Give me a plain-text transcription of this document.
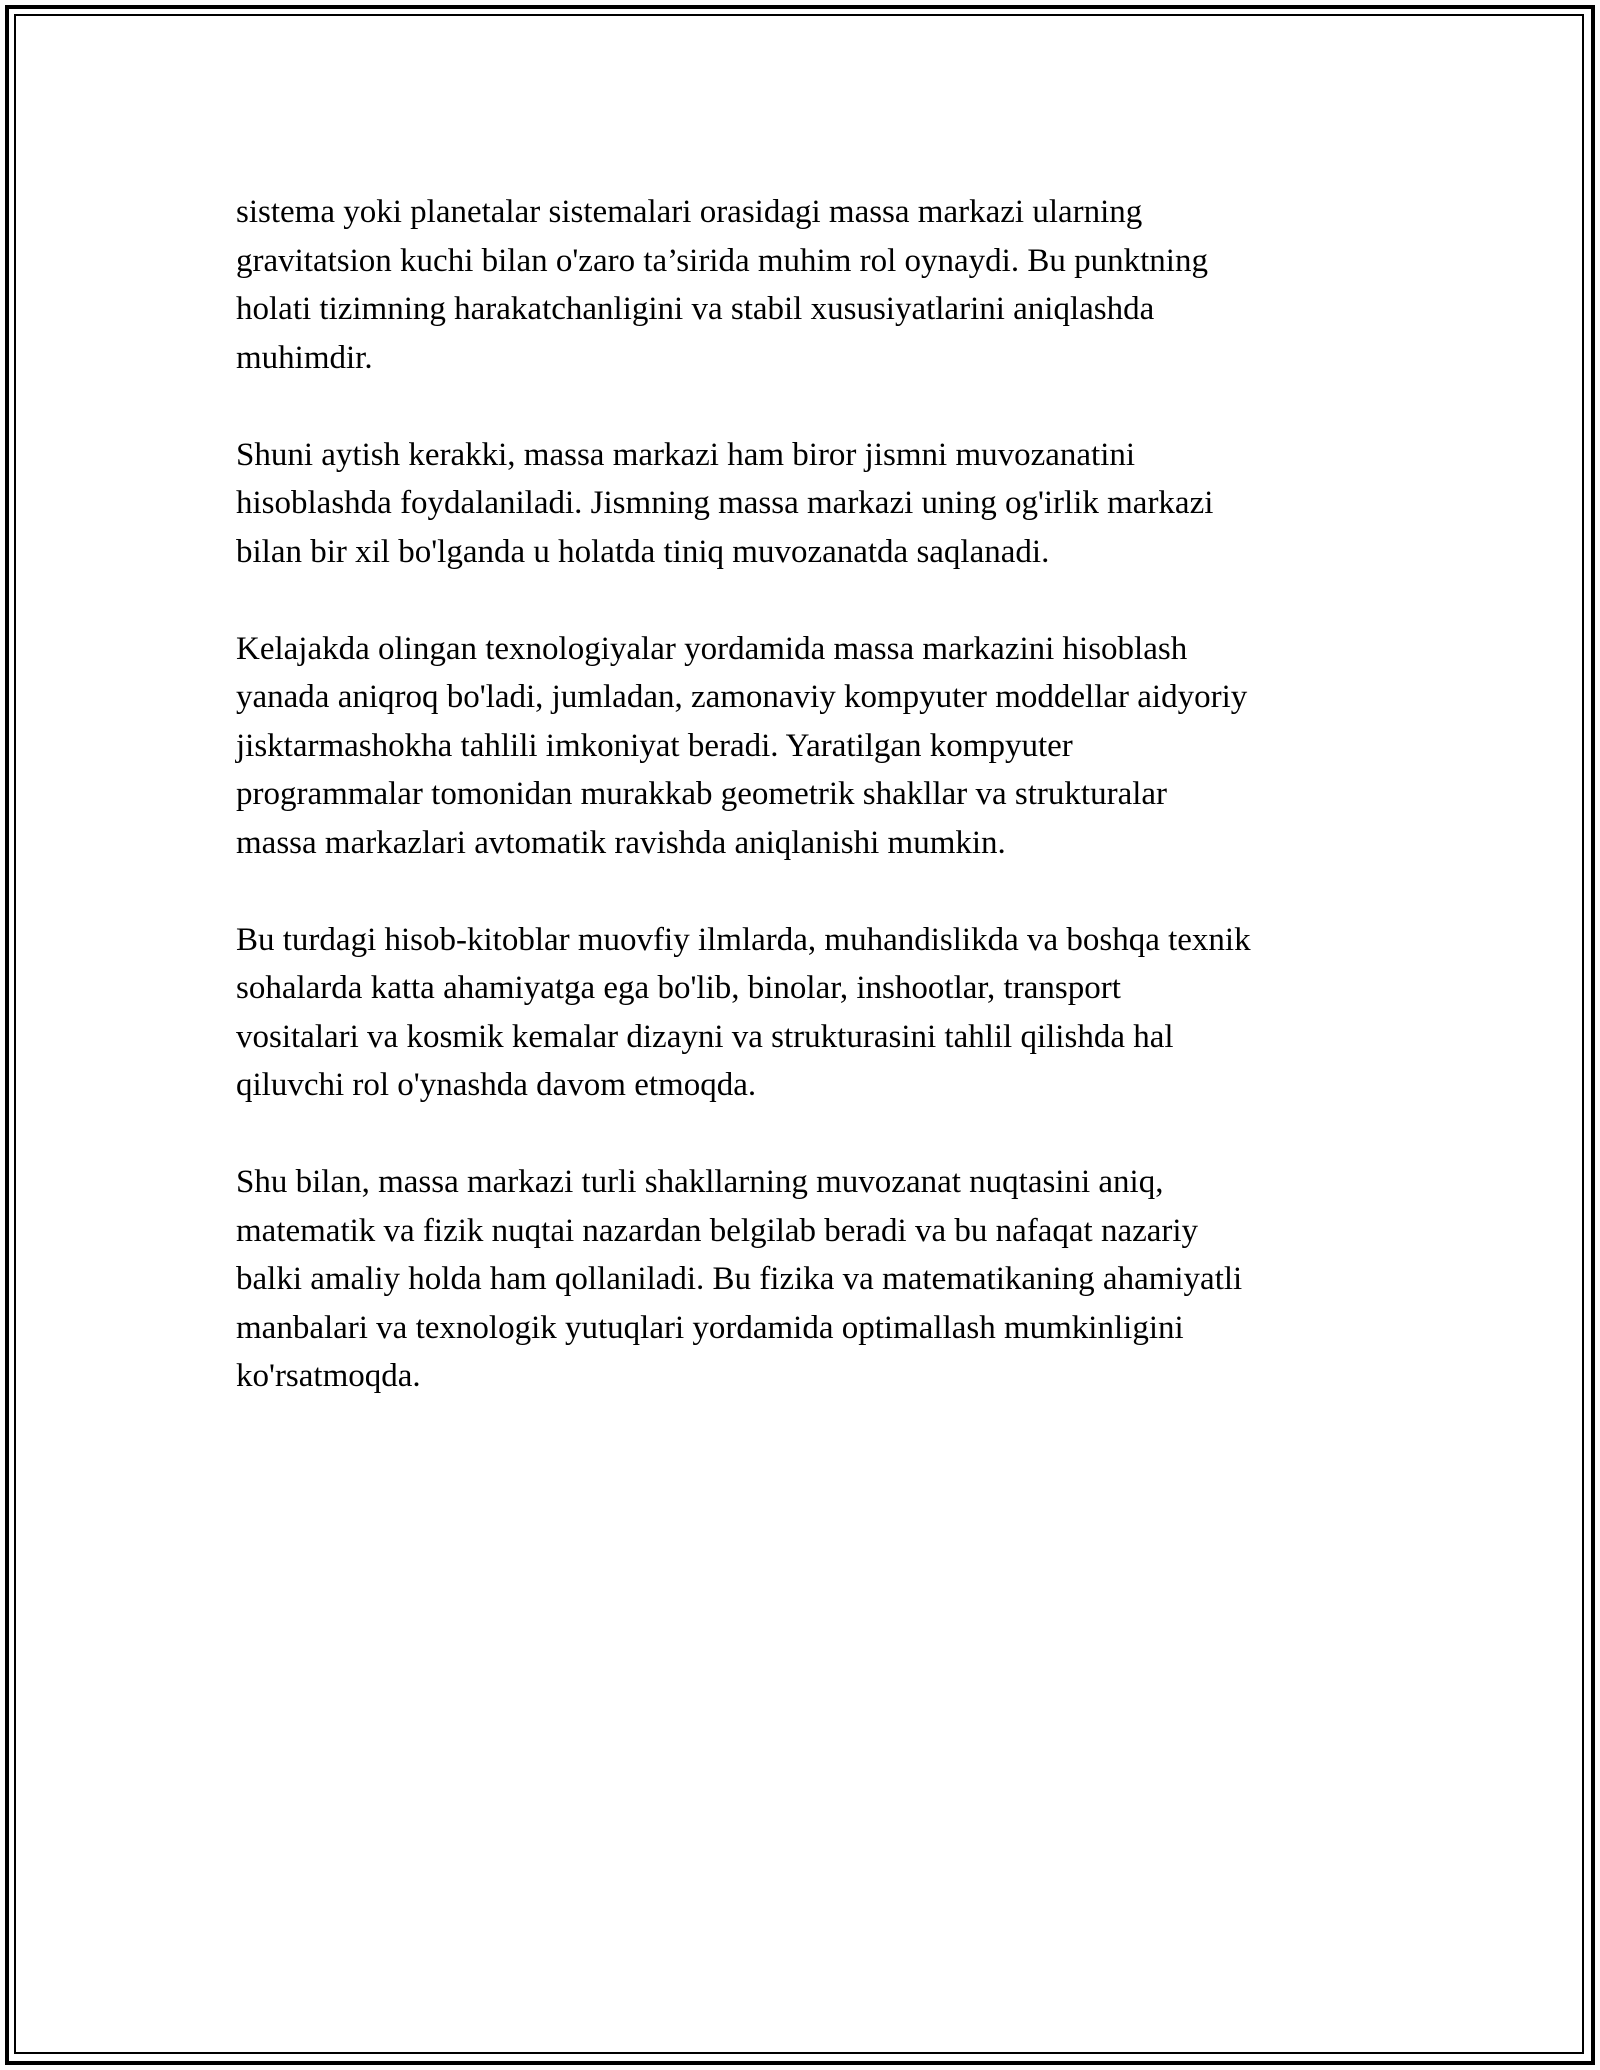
sistema yoki planetalar sistemalari orasidagi massa markazi ularning
gravitatsion kuchi bilan o'zaro ta’sirida muhim rol oynaydi. Bu punktning
holati tizimning harakatchanligini va stabil xususiyatlarini aniqlashda
muhimdir.
Shuni aytish kerakki, massa markazi ham biror jismni muvozanatini
hisoblashda foydalaniladi. Jismning massa markazi uning og'irlik markazi
bilan bir xil bo'lganda u holatda tiniq muvozanatda saqlanadi.
Kelajakda olingan texnologiyalar yordamida massa markazini hisoblash
yanada aniqroq bo'ladi, jumladan, zamonaviy kompyuter moddellar aidyoriy
jisktarmashokha tahlili imkoniyat beradi. Yaratilgan kompyuter
programmalar tomonidan murakkab geometrik shakllar va strukturalar
massa markazlari avtomatik ravishda aniqlanishi mumkin.
Bu turdagi hisob-kitoblar muovfiy ilmlarda, muhandislikda va boshqa texnik
sohalarda katta ahamiyatga ega bo'lib, binolar, inshootlar, transport
vositalari va kosmik kemalar dizayni va strukturasini tahlil qilishda hal
qiluvchi rol o'ynashda davom etmoqda.
Shu bilan, massa markazi turli shakllarning muvozanat nuqtasini aniq,
matematik va fizik nuqtai nazardan belgilab beradi va bu nafaqat nazariy
balki amaliy holda ham qollaniladi. Bu fizika va matematikaning ahamiyatli
manbalari va texnologik yutuqlari yordamida optimallash mumkinligini
ko'rsatmoqda.
